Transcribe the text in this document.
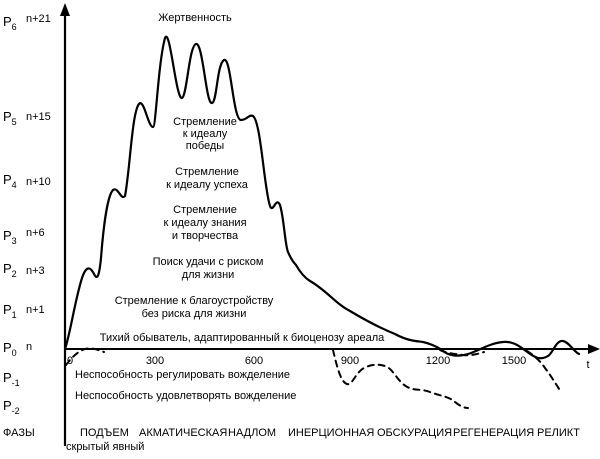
$P_6$
n+21
$P_5$ n+15
$P_4$ n+10
$P_3$
n+6
$P_2$ n+3
$P_1$ n+1
$P_0$ n
$P_{-1}$
$P_{-2}$
Жертвенность
Стремление
к идеалу
победы
Стремление
к идеалу успеха
Стремление
к идеалу знания
и творчества
Поиск удачи с риском
для жизни
Стремление к благоустройству
без риска для жизни
Тихий обыватель, адаптированный к биоценозу ареала
0	300	600	900	1200	1500	t
Неспособность регулировать вожделение
Неспособность удовлетворять вожделение
ФАЗЫ	ПОДЪЕМ АКМАТИЧЕСКАЯ НАДЛОМ ИНЕРЦИОННАЯ ОБСКУРАЦИЯ РЕГЕНЕРАЦИЯ РЕЛИКТ
скрытый явный
